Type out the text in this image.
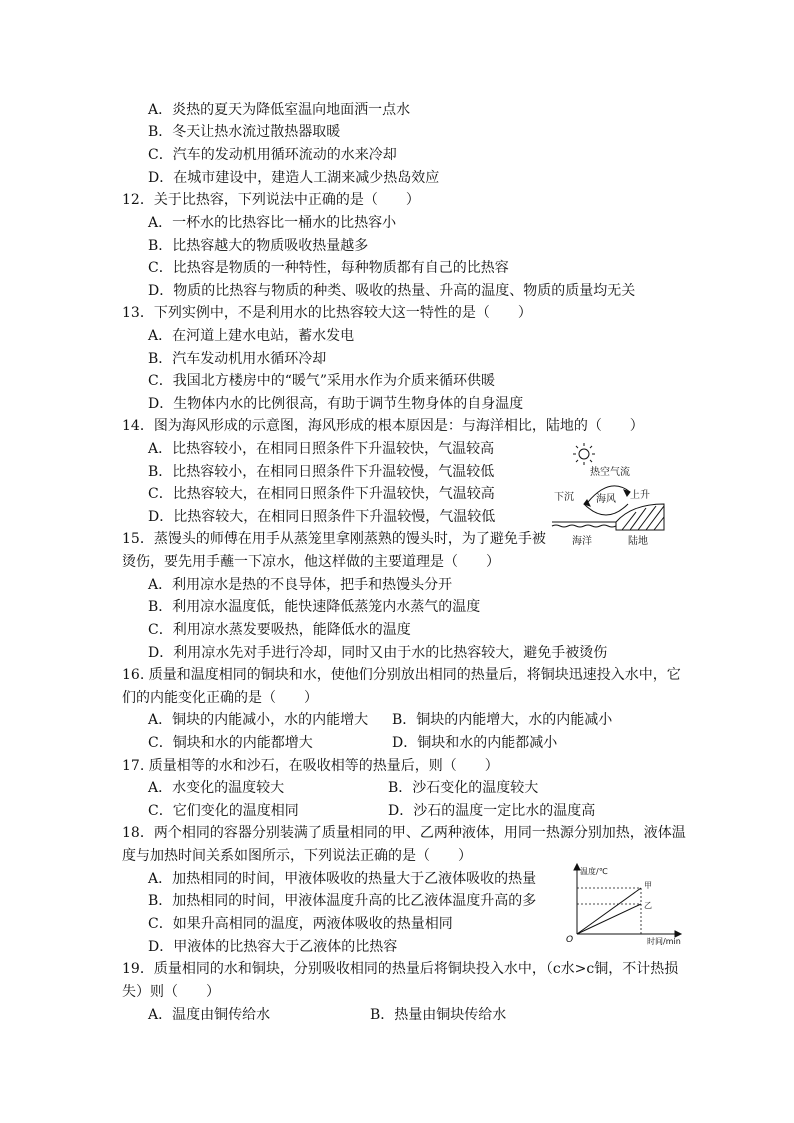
A．炎热的夏天为降低室温向地面洒一点水
B．冬天让热水流过散热器取暖
C．汽车的发动机用循环流动的水来冷却
D．在城市建设中，建造人工湖来减少热岛效应
12．关于比热容，下列说法中正确的是（　　）
A．一杯水的比热容比一桶水的比热容小
B．比热容越大的物质吸收热量越多
C．比热容是物质的一种特性，每种物质都有自己的比热容
D．物质的比热容与物质的种类、吸收的热量、升高的温度、物质的质量均无关
13．下列实例中，不是利用水的比热容较大这一特性的是（　　）
A．在河道上建水电站，蓄水发电
B．汽车发动机用水循环冷却
C．我国北方楼房中的“暖气”采用水作为介质来循环供暖
D．生物体内水的比例很高，有助于调节生物身体的自身温度
14．图为海风形成的示意图，海风形成的根本原因是：与海洋相比，陆地的（　　）
A．比热容较小，在相同日照条件下升温较快，气温较高
B．比热容较小，在相同日照条件下升温较慢，气温较低
C．比热容较大，在相同日照条件下升温较快，气温较高
D．比热容较大，在相同日照条件下升温较慢，气温较低
热空气流
海风
下沉	上升
海洋	陆地
15．蒸馒头的师傅在用手从蒸笼里拿刚蒸熟的馒头时，为了避免手被
烫伤，要先用手蘸一下凉水，他这样做的主要道理是（　　）
A．利用凉水是热的不良导体，把手和热馒头分开
B．利用凉水温度低，能快速降低蒸笼内水蒸气的温度
C．利用凉水蒸发要吸热，能降低水的温度
D．利用凉水先对手进行冷却，同时又由于水的比热容较大，避免手被烫伤
16. 质量和温度相同的铜块和水，使他们分别放出相同的热量后，将铜块迅速投入水中，它
们的内能变化正确的是（　　）
A．铜块的内能减小，水的内能增大 B．铜块的内能增大，水的内能减小
C．铜块和水的内能都增大	D．铜块和水的内能都减小
17. 质量相等的水和沙石，在吸收相等的热量后，则（　　）
A．水变化的温度较大	B．沙石变化的温度较大
C．它们变化的温度相同	D．沙石的温度一定比水的温度高
18．两个相同的容器分别装满了质量相同的甲、乙两种液体，用同一热源分别加热，液体温
度与加热时间关系如图所示，下列说法正确的是（　　）
A．加热相同的时间，甲液体吸收的热量大于乙液体吸收的热量
B．加热相同的时间，甲液体温度升高的比乙液体温度升高的多
C．如果升高相同的温度，两液体吸收的热量相同
D．甲液体的比热容大于乙液体的比热容
温度/℃
时间/min
O
甲
乙
19．质量相同的水和铜块，分别吸收相同的热量后将铜块投入水中，（c水>c铜，不计热损
失）则（　　）
A．温度由铜传给水	B．热量由铜块传给水
